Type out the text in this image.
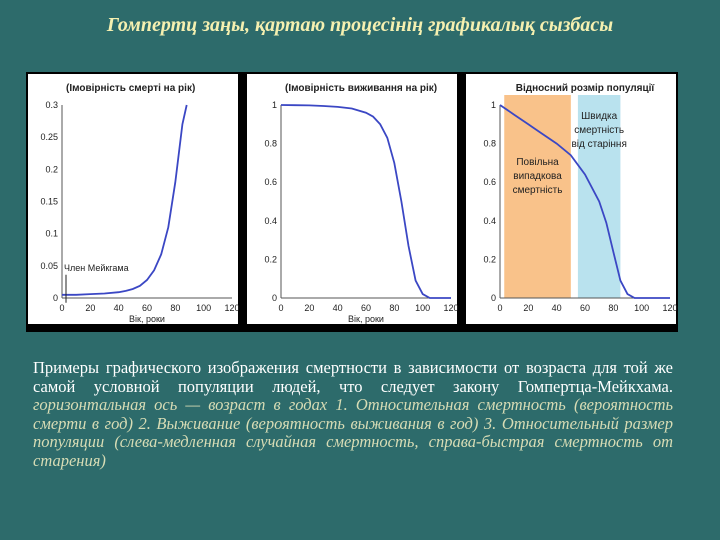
Гомпертц заңы, қартаю процесінің графикалық сызбасы
(Імовірність смерті на рік)
0 20 40 60 80 100 120
0
0.05
0.1
0.15
0.2
0.25
0.3
Вік, роки
Член Мейкгама
(Імовірність виживання на рік)
0 20 40 60 80 100 120
0
0.2
0.4
0.6
0.8
1
Вік, роки
Повільна
випадкова
смертність
Швидка
смертність
від старіння
Відносний розмір популяції
0 20 40 60 80 100 120
0
0.2
0.4
0.6
0.8
1
Примеры графического изображения смертности в зависимости от возраста для той же самой условной популяции людей, что следует закону Гомпертца-Мейкхама. горизонтальная ось — возраст в годах 1. Относительная смертность (вероятность смерти в год) 2. Выживание (вероятность выживания в год) 3. Относительный размер популяции (слева-медленная случайная смертность, справа-быстрая смертность от старения)
